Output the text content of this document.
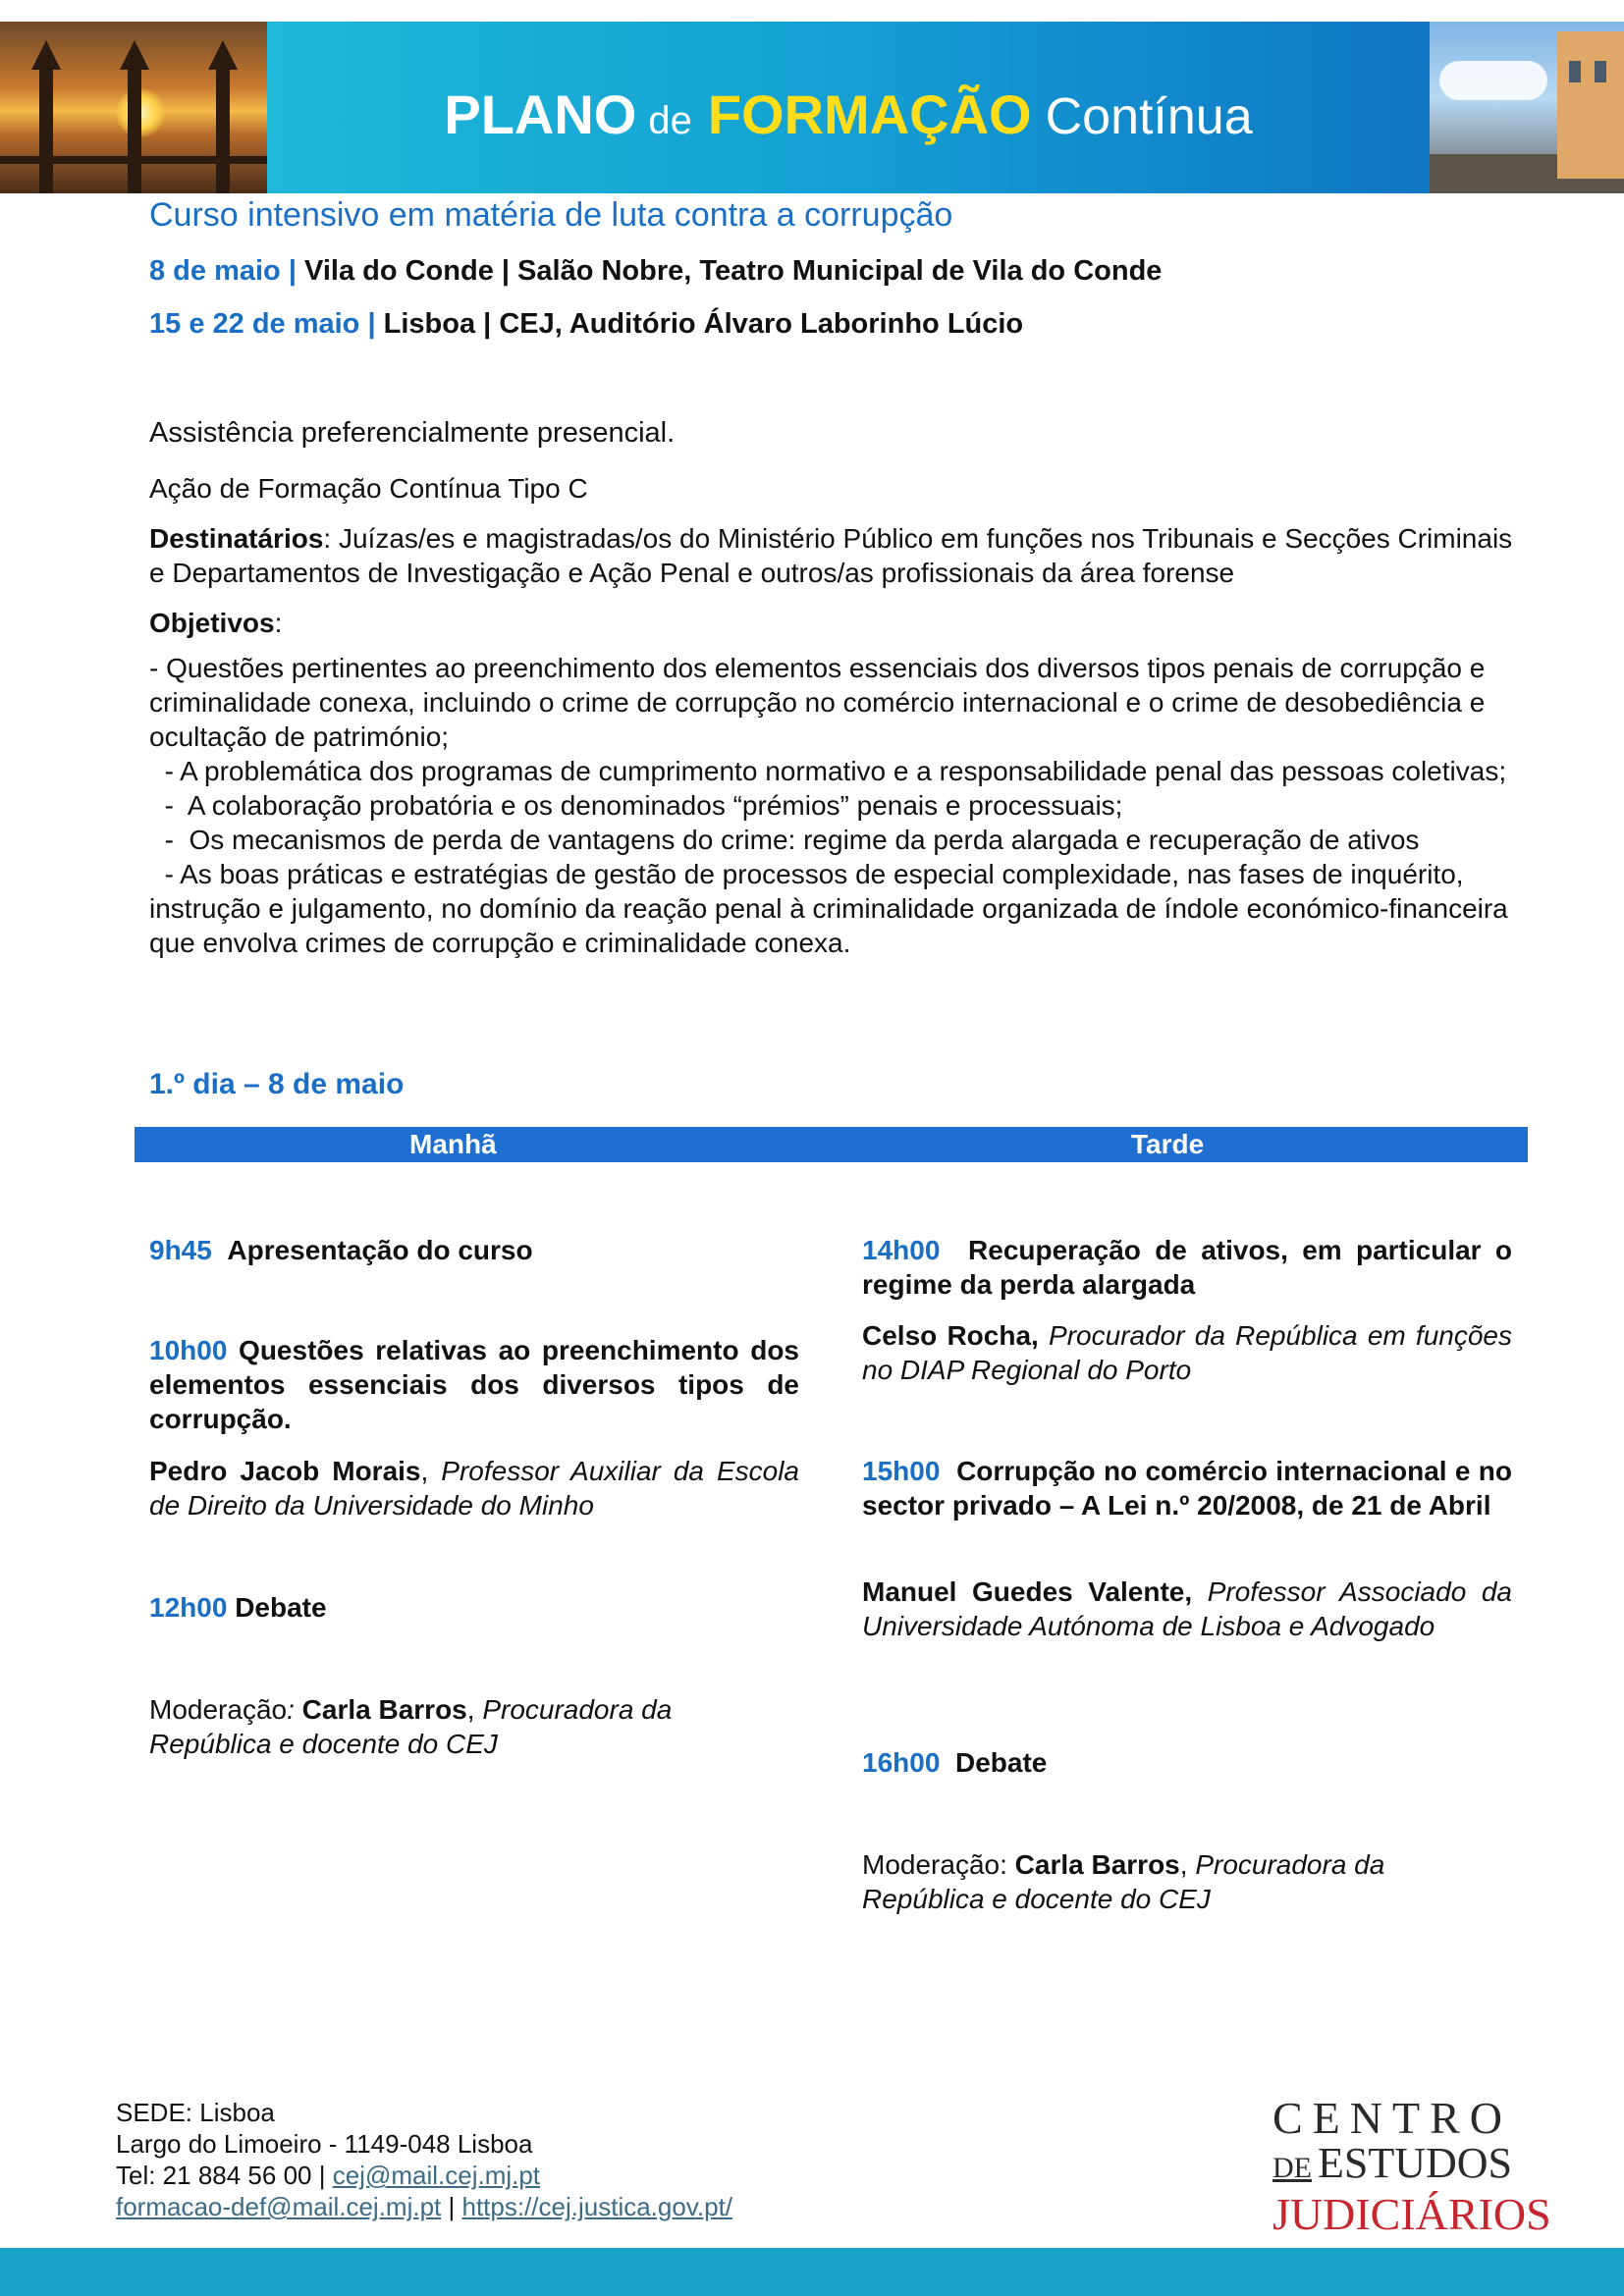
PLANO de FORMAÇÃO Contínua
Curso intensivo em matéria de luta contra a corrupção
8 de maio | Vila do Conde | Salão Nobre, Teatro Municipal de Vila do Conde
15 e 22 de maio | Lisboa | CEJ, Auditório Álvaro Laborinho Lúcio
Assistência preferencialmente presencial.
Ação de Formação Contínua Tipo C
Destinatários: Juízas/es e magistradas/os do Ministério Público em funções nos Tribunais e Secções Criminais e Departamentos de Investigação e Ação Penal e outros/as profissionais da área forense
Objetivos:
- Questões pertinentes ao preenchimento dos elementos essenciais dos diversos tipos penais de corrupção e criminalidade conexa, incluindo o crime de corrupção no comércio internacional e o crime de desobediência e ocultação de património;
- A problemática dos programas de cumprimento normativo e a responsabilidade penal das pessoas coletivas;
-  A colaboração probatória e os denominados “prémios” penais e processuais;
-  Os mecanismos de perda de vantagens do crime: regime da perda alargada e recuperação de ativos
- As boas práticas e estratégias de gestão de processos de especial complexidade, nas fases de inquérito, instrução e julgamento, no domínio da reação penal à criminalidade organizada de índole económico-financeira que envolva crimes de corrupção e criminalidade conexa.
1.º dia – 8 de maio
Manhã	Tarde
9h45 Apresentação do curso
10h00 Questões relativas ao preenchimento dos elementos essenciais dos diversos tipos de corrupção.
Pedro Jacob Morais, Professor Auxiliar da Escola de Direito da Universidade do Minho
12h00 Debate
Moderação: Carla Barros, Procuradora da República e docente do CEJ
14h00 Recuperação de ativos, em particular o regime da perda alargada
Celso Rocha, Procurador da República em funções no DIAP Regional do Porto
15h00 Corrupção no comércio internacional e no sector privado – A Lei n.º 20/2008, de 21 de Abril
Manuel Guedes Valente, Professor Associado da Universidade Autónoma de Lisboa e Advogado
16h00 Debate
Moderação: Carla Barros, Procuradora da República e docente do CEJ
SEDE: Lisboa
Largo do Limoeiro - 1149-048 Lisboa
Tel: 21 884 56 00 | cej@mail.cej.mj.pt
formacao-def@mail.cej.mj.pt | https://cej.justica.gov.pt/
CENTRO
DE ESTUDOS
JUDICIÁRIOS
